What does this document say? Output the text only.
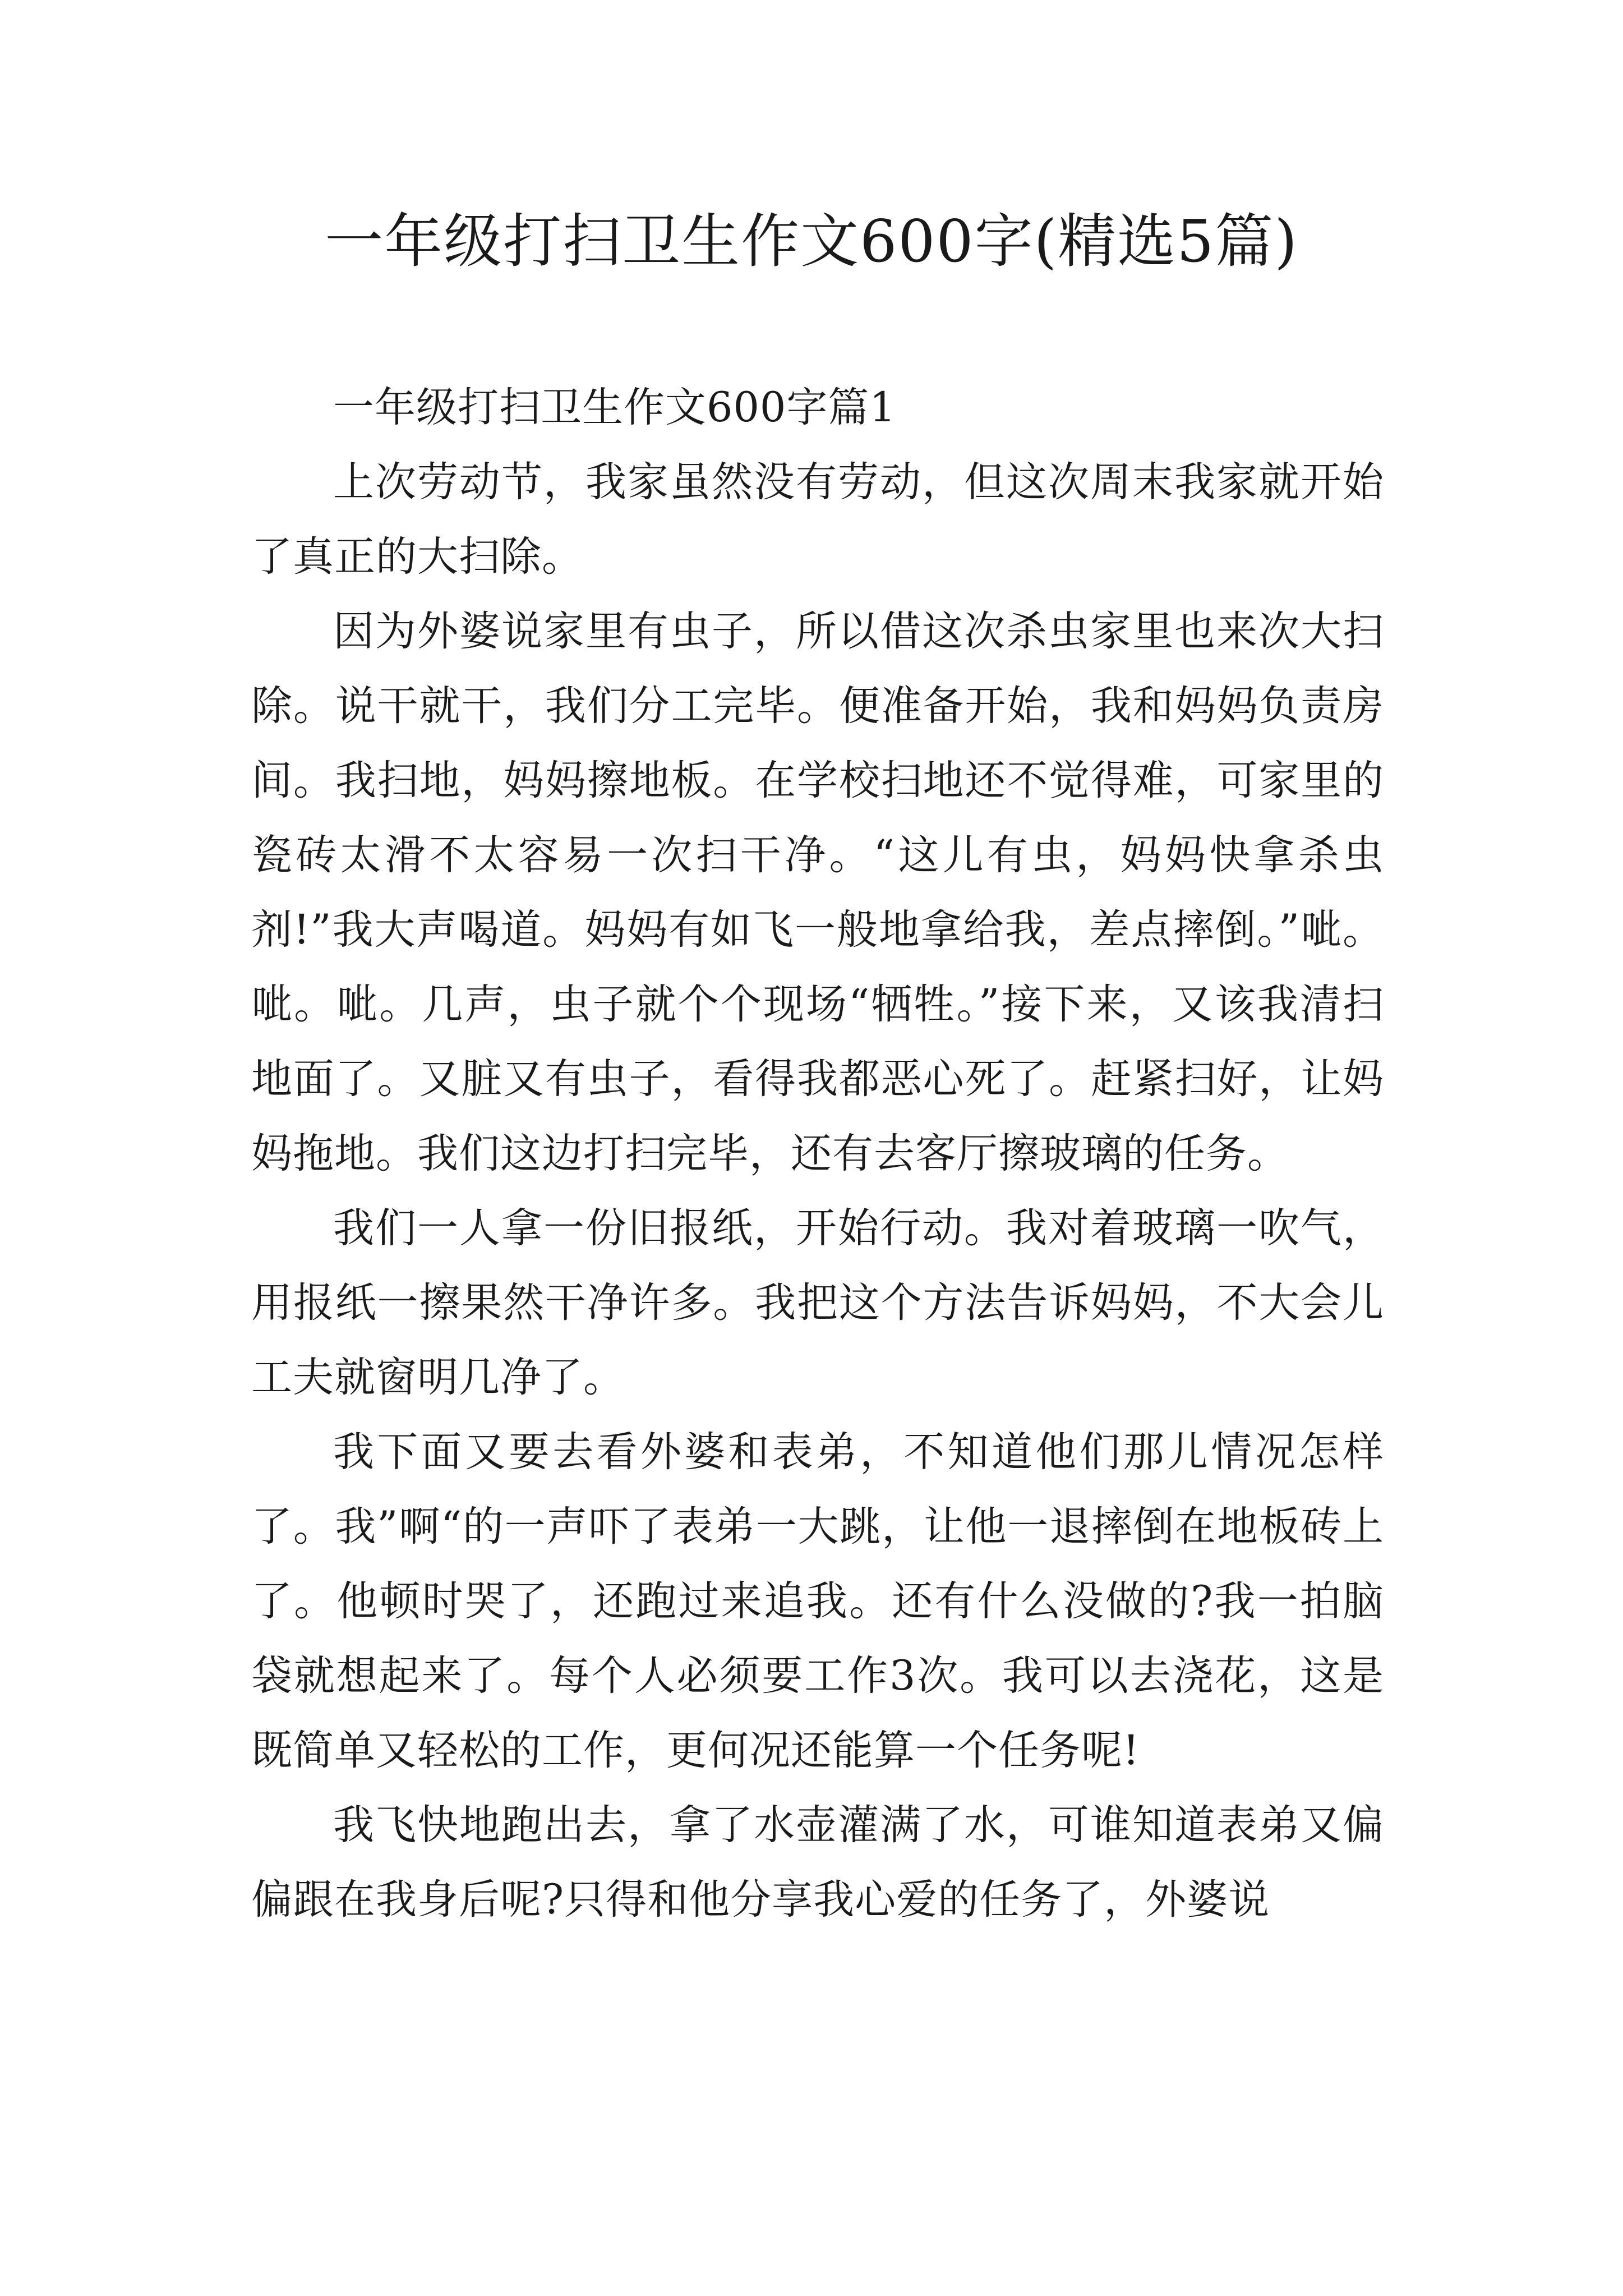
一年级打扫卫生作文600字(精选5篇)

一年级打扫卫生作文600字篇1

上次劳动节，我家虽然没有劳动，但这次周末我家就开始了真正的大扫除。

因为外婆说家里有虫子，所以借这次杀虫家里也来次大扫除。说干就干，我们分工完毕。便准备开始，我和妈妈负责房间。我扫地，妈妈擦地板。在学校扫地还不觉得难，可家里的瓷砖太滑不太容易一次扫干净。“这儿有虫，妈妈快拿杀虫剂!”我大声喝道。妈妈有如飞一般地拿给我，差点摔倒。”呲。呲。呲。几声，虫子就个个现场“牺牲。”接下来，又该我清扫地面了。又脏又有虫子，看得我都恶心死了。赶紧扫好，让妈妈拖地。我们这边打扫完毕，还有去客厅擦玻璃的任务。

我们一人拿一份旧报纸，开始行动。我对着玻璃一吹气，用报纸一擦果然干净许多。我把这个方法告诉妈妈，不大会儿工夫就窗明几净了。

我下面又要去看外婆和表弟，不知道他们那儿情况怎样了。我”啊“的一声吓了表弟一大跳，让他一退摔倒在地板砖上了。他顿时哭了，还跑过来追我。还有什么没做的?我一拍脑袋就想起来了。每个人必须要工作3次。我可以去浇花，这是既简单又轻松的工作，更何况还能算一个任务呢!

我飞快地跑出去，拿了水壶灌满了水，可谁知道表弟又偏偏跟在我身后呢?只得和他分享我心爱的任务了，外婆说
